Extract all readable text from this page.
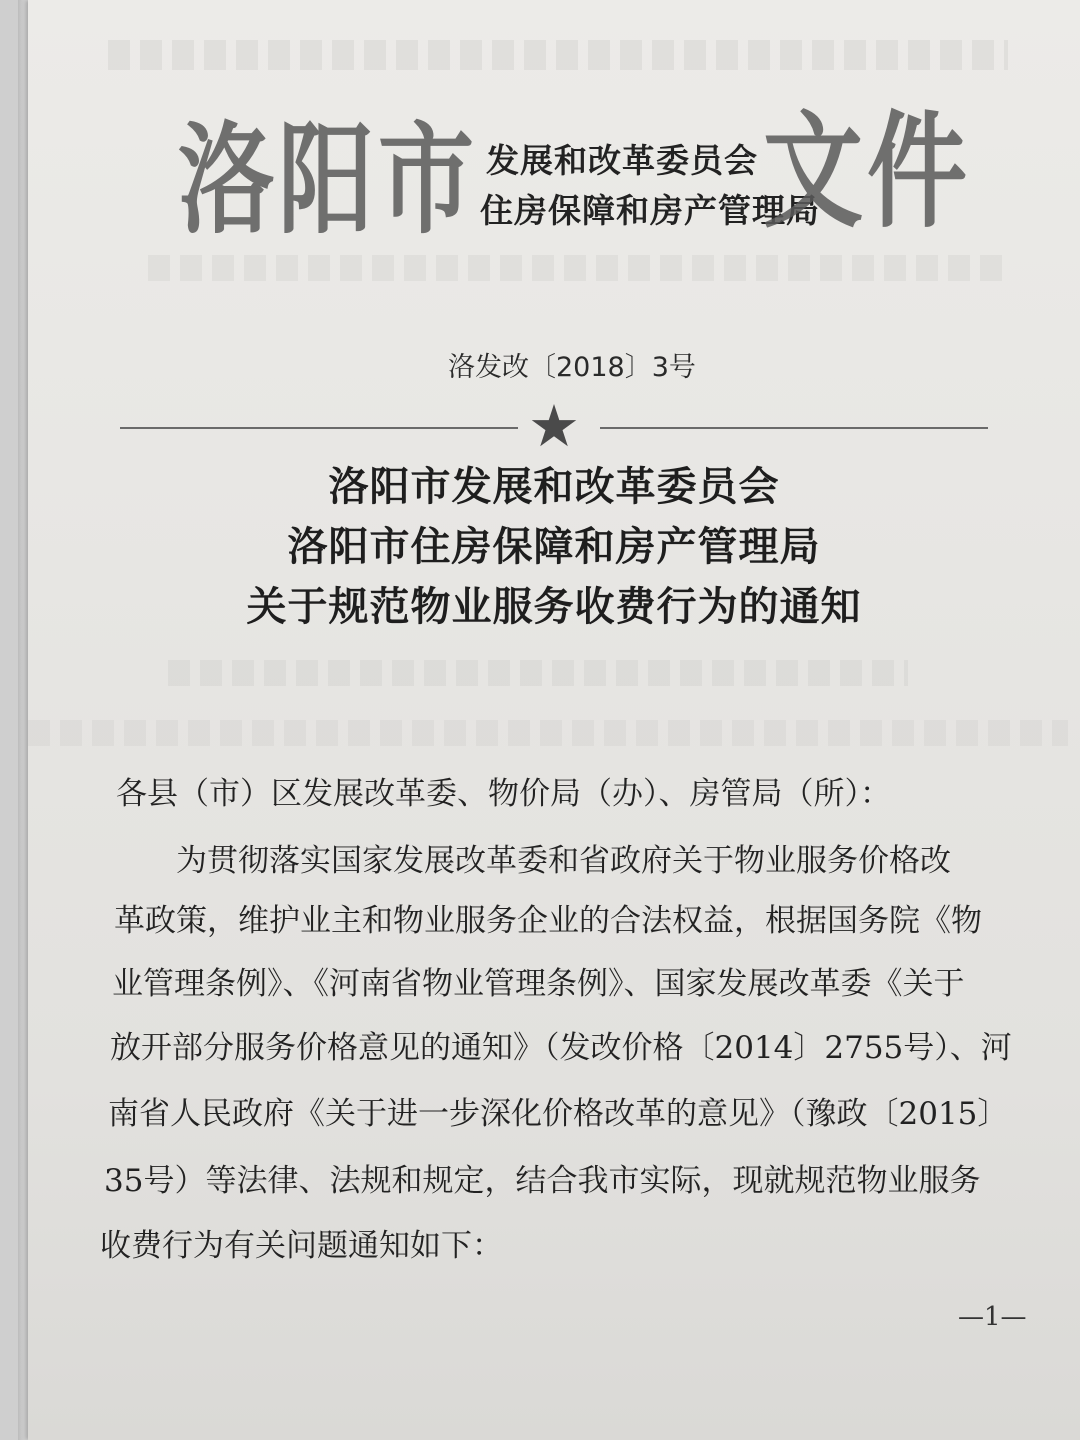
洛阳市 发展和改革委员会
住房保障和房产管理局
文件
洛发改〔2018〕3号
★
洛阳市发展和改革委员会
洛阳市住房保障和房产管理局
关于规范物业服务收费行为的通知
各县（市）区发展改革委、物价局（办）、房管局（所）：
为贯彻落实国家发展改革委和省政府关于物业服务价格改
革政策，维护业主和物业服务企业的合法权益，根据国务院《物
业管理条例》、《河南省物业管理条例》、国家发展改革委《关于
放开部分服务价格意见的通知》（发改价格〔2014〕2755号）、河
南省人民政府《关于进一步深化价格改革的意见》（豫政〔2015〕
35号）等法律、法规和规定，结合我市实际，现就规范物业服务
收费行为有关问题通知如下：
—1—
